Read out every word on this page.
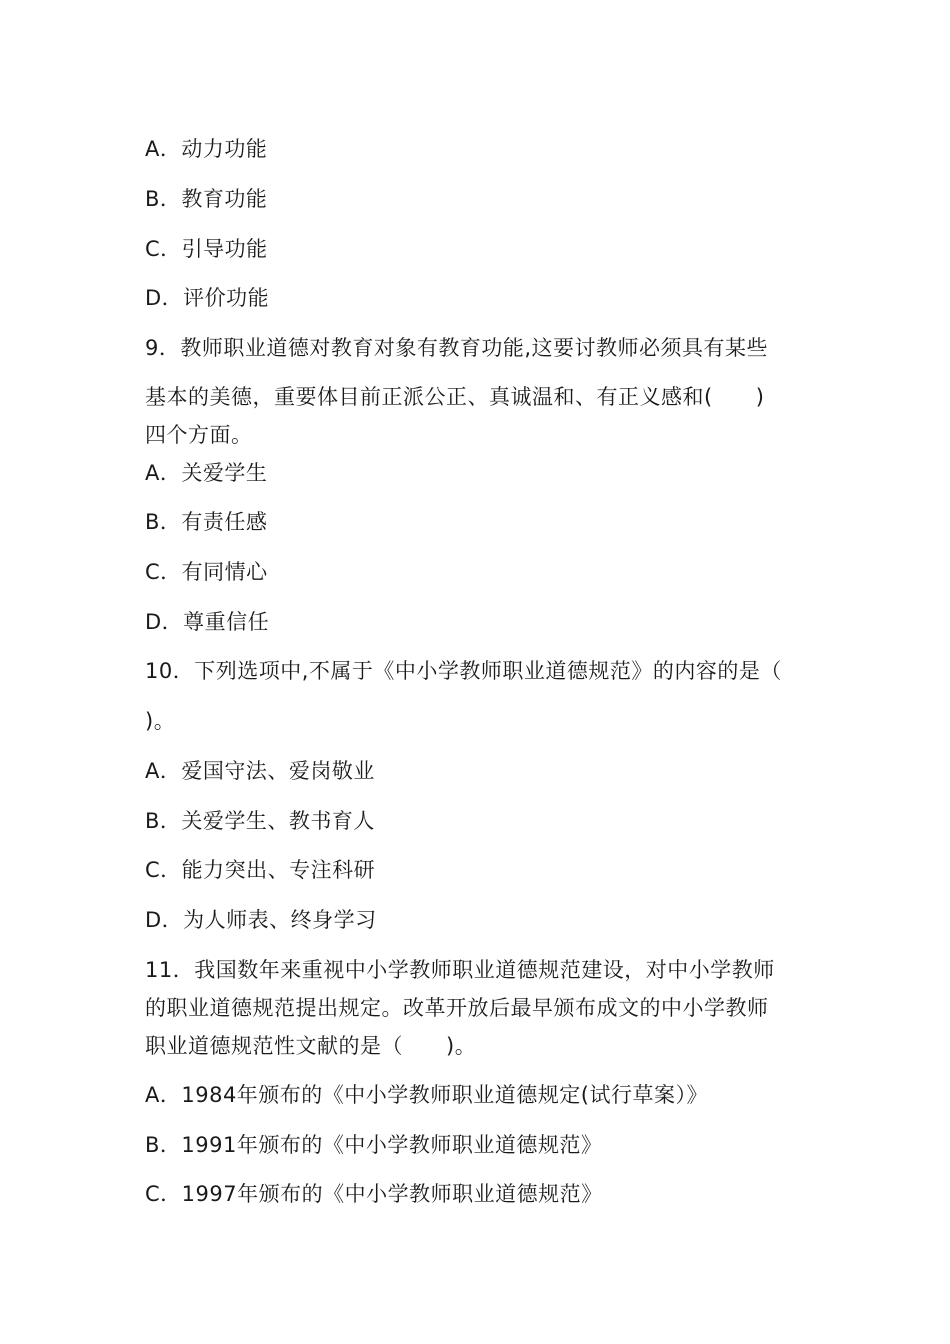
A．动力功能
B．教育功能
C．引导功能
D．评价功能
9．教师职业道德对教育对象有教育功能,这要讨教师必须具有某些
基本的美德，重要体目前正派公正、真诚温和、有正义感和(　　)
四个方面。
A．关爱学生
B．有责任感
C．有同情心
D．尊重信任
10．下列选项中,不属于《中小学教师职业道德规范》的内容的是（
)。
A．爱国守法、爱岗敬业
B．关爱学生、教书育人
C．能力突出、专注科研
D．为人师表、终身学习
11．我国数年来重视中小学教师职业道德规范建设，对中小学教师
的职业道德规范提出规定。改革开放后最早颁布成文的中小学教师
职业道德规范性文献的是（　　)。
A．1984年颁布的《中小学教师职业道德规定(试行草案）》
B．1991年颁布的《中小学教师职业道德规范》
C．1997年颁布的《中小学教师职业道德规范》
